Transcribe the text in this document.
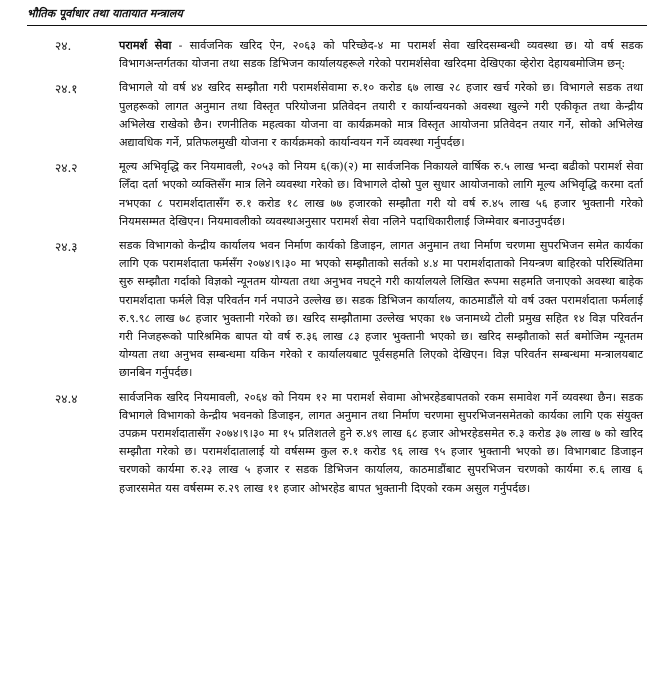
भौतिक पूर्वाधार तथा यातायात मन्त्रालय
२४.	परामर्श सेवा - सार्वजनिक खरिद ऐन, २०६३ को परिच्छेद-४ मा परामर्श सेवा खरिदसम्बन्धी व्यवस्था छ। यो वर्ष सडक विभागअन्तर्गतका योजना तथा सडक डिभिजन कार्यालयहरूले गरेको परामर्शसेवा खरिदमा देखिएका व्हेरोरा देहायबमोजिम छन्:
२४.१	विभागले यो वर्ष ४४ खरिद सम्झौता गरी परामर्शसेवामा रु.१० करोड ६७ लाख २८ हजार खर्च गरेको छ। विभागले सडक तथा पुलहरूको लागत अनुमान तथा विस्तृत परियोजना प्रतिवेदन तयारी र कार्यान्वयनको अवस्था खुल्ने गरी एकीकृत तथा केन्द्रीय अभिलेख राखेको छैन। रणनीतिक महत्वका योजना वा कार्यक्रमको मात्र विस्तृत आयोजना प्रतिवेदन तयार गर्ने, सोको अभिलेख अद्यावधिक गर्ने, प्रतिफलमुखी योजना र कार्यक्रमको कार्यान्वयन गर्ने व्यवस्था गर्नुपर्दछ।
२४.२	मूल्य अभिवृद्धि कर नियमावली, २०५३ को नियम ६(क)(२) मा सार्वजनिक निकायले वार्षिक रु.५ लाख भन्दा बढीको परामर्श सेवा लिँदा दर्ता भएको व्यक्तिसँग मात्र लिने व्यवस्था गरेको छ। विभागले दोस्रो पुल सुधार आयोजनाको लागि मूल्य अभिवृद्धि करमा दर्ता नभएका ८ परामर्शदातासँग रु.१ करोड १८ लाख ७७ हजारको सम्झौता गरी यो वर्ष रु.४५ लाख ५६ हजार भुक्तानी गरेको नियमसम्मत देखिएन। नियमावलीको व्यवस्थाअनुसार परामर्श सेवा नलिने पदाधिकारीलाई जिम्मेवार बनाउनुपर्दछ।
२४.३	सडक विभागको केन्द्रीय कार्यालय भवन निर्माण कार्यको डिजाइन, लागत अनुमान तथा निर्माण चरणमा सुपरभिजन समेत कार्यका लागि एक परामर्शदाता फर्मसँग २०७४।९।३० मा भएको सम्झौताको सर्तको ४.४ मा परामर्शदाताको नियन्त्रण बाहिरको परिस्थितिमा सुरु सम्झौता गर्दाको विज्ञको न्यूनतम योग्यता तथा अनुभव नघट्ने गरी कार्यालयले लिखित रूपमा सहमति जनाएको अवस्था बाहेक परामर्शदाता फर्मले विज्ञ परिवर्तन गर्न नपाउने उल्लेख छ। सडक डिभिजन कार्यालय, काठमाडौंले यो वर्ष उक्त परामर्शदाता फर्मलाई रु.९.९८ लाख ७८ हजार भुक्तानी गरेको छ। खरिद सम्झौतामा उल्लेख भएका १७ जनामध्ये टोली प्रमुख सहित १४ विज्ञ परिवर्तन गरी निजहरूको पारिश्रमिक बापत यो वर्ष रु.३६ लाख ८३ हजार भुक्तानी भएको छ। खरिद सम्झौताको सर्त बमोजिम न्यूनतम योग्यता तथा अनुभव सम्बन्धमा यकिन गरेको र कार्यालयबाट पूर्वसहमति लिएको देखिएन। विज्ञ परिवर्तन सम्बन्धमा मन्त्रालयबाट छानबिन गर्नुपर्दछ।
२४.४	सार्वजनिक खरिद नियमावली, २०६४ को नियम १२ मा परामर्श सेवामा ओभरहेडबापतको रकम समावेश गर्ने व्यवस्था छैन। सडक विभागले विभागको केन्द्रीय भवनको डिजाइन, लागत अनुमान तथा निर्माण चरणमा सुपरभिजनसमेतको कार्यका लागि एक संयुक्त उपक्रम परामर्शदातासँग २०७४।९।३० मा १५ प्रतिशतले हुने रु.४९ लाख ६८ हजार ओभरहेडसमेत रु.३ करोड ३७ लाख ७ को खरिद सम्झौता गरेको छ। परामर्शदातालाई यो वर्षसम्म कुल रु.१ करोड ९६ लाख ९५ हजार भुक्तानी भएको छ। विभागबाट डिजाइन चरणको कार्यमा रु.२३ लाख ५ हजार र सडक डिभिजन कार्यालय, काठमाडौंबाट सुपरभिजन चरणको कार्यमा रु.६ लाख ६ हजारसमेत यस वर्षसम्म रु.२९ लाख ११ हजार ओभरहेड बापत भुक्तानी दिएको रकम असुल गर्नुपर्दछ।
